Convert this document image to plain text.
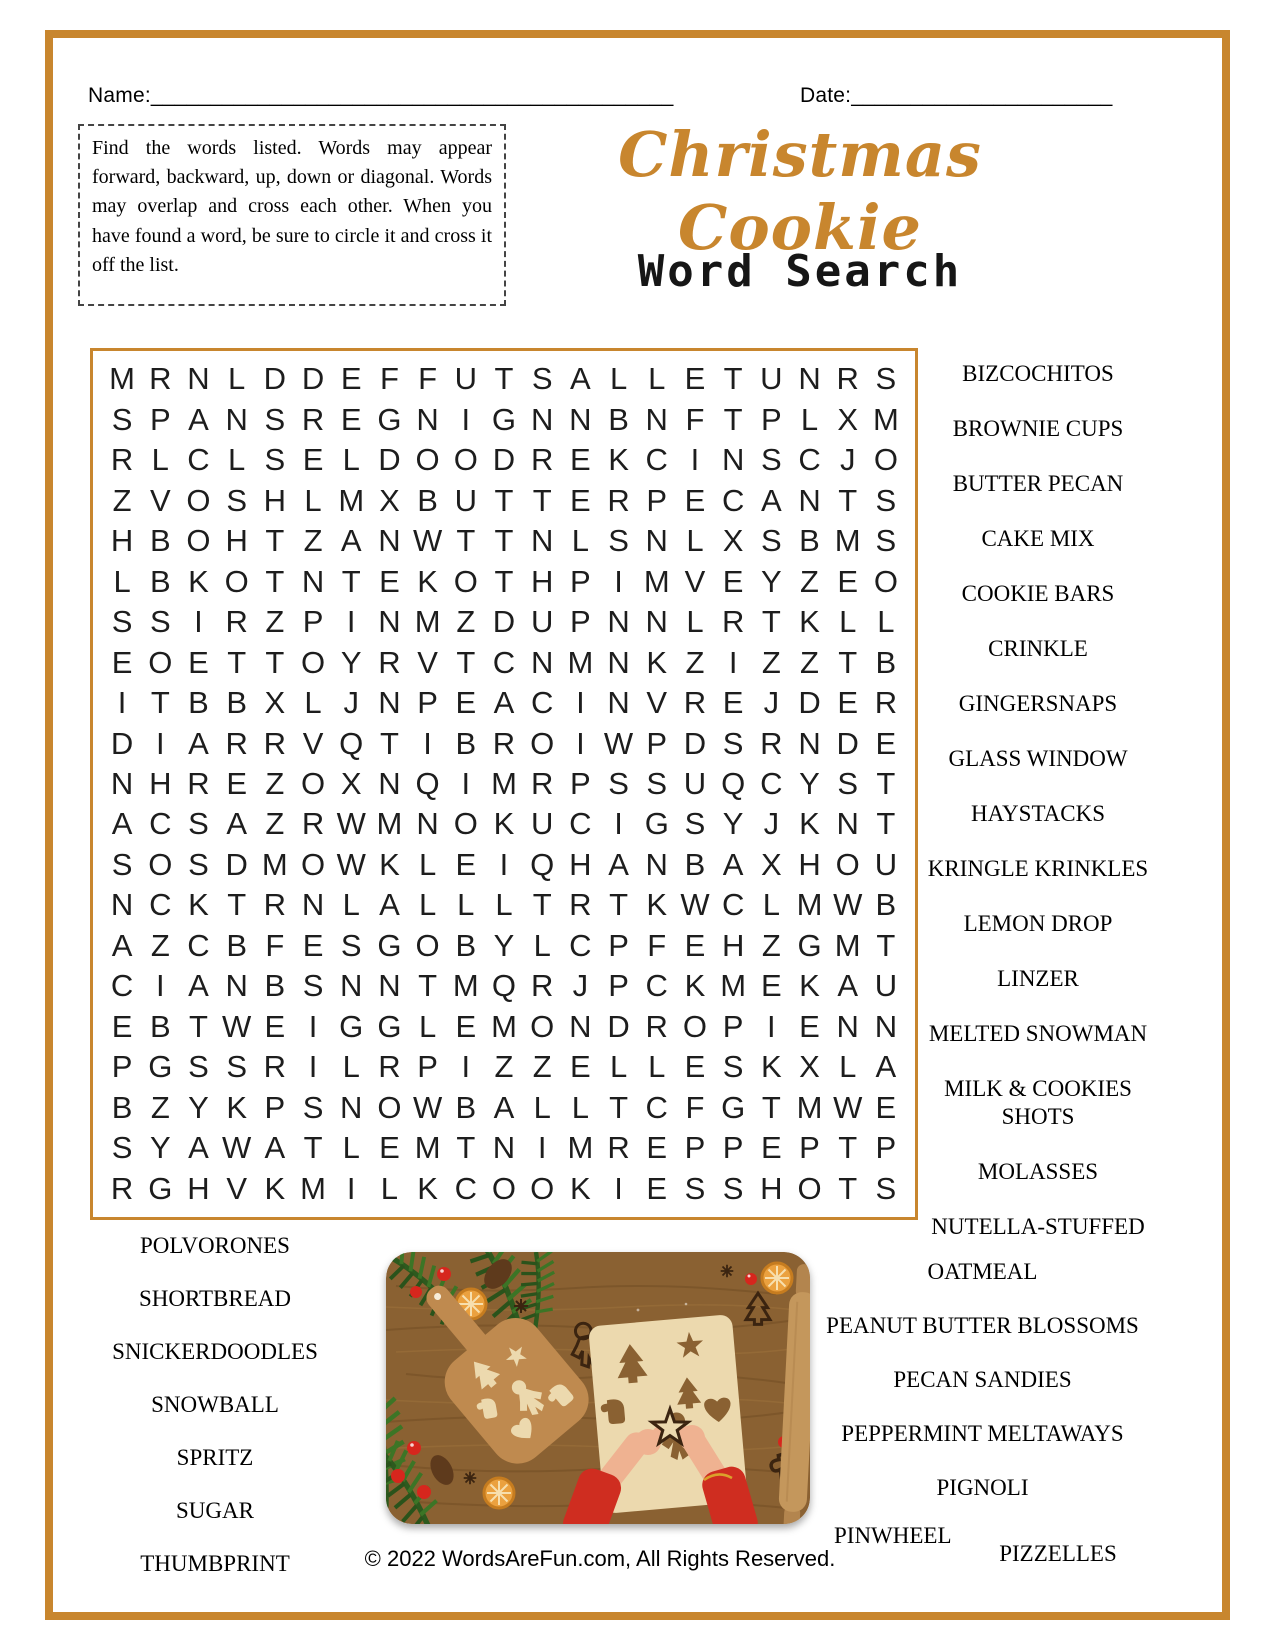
Name:____________________________________________	Date:______________________

Find the words listed. Words may appear forward, backward, up, down or diagonal. Words may overlap and cross each other. When you have found a word, be sure to circle it and cross it off the list.

Christmas Cookie
Word Search
M R N L D D E F F U T S A L L E T U N R S
S P A N S R E G N I G N N B N F T P L X M
R L C L S E L D O O D R E K C I N S C J O
Z V O S H L M X B U T T E R P E C A N T S
H B O H T Z A N W T T N L S N L X S B M S
L B K O T N T E K O T H P I M V E Y Z E O
S S I R Z P I N M Z D U P N N L R T K L L
E O E T T O Y R V T C N M N K Z I Z Z T B
I T B B X L J N P E A C I N V R E J D E R
D I A R R V Q T I B R O I W P D S R N D E
N H R E Z O X N Q I M R P S S U Q C Y S T
A C S A Z R W M N O K U C I G S Y J K N T
S O S D M O W K L E I Q H A N B A X H O U
N C K T R N L A L L L T R T K W C L M W B
A Z C B F E S G O B Y L C P F E H Z G M T
C I A N B S N N T M Q R J P C K M E K A U
E B T W E I G G L E M O N D R O P I E N N
P G S S R I L R P I Z Z E L L E S K X L A
B Z Y K P S N O W B A L L T C F G T M W E
S Y A W A T L E M T N I M R E P P E P T P
R G H V K M I L K C O O K I E S S H O T S
BIZCOCHITOS
BROWNIE CUPS
BUTTER PECAN
CAKE MIX
COOKIE BARS
CRINKLE
GINGERSNAPS
GLASS WINDOW
HAYSTACKS
KRINGLE KRINKLES
LEMON DROP
LINZER
MELTED SNOWMAN
MILK & COOKIES SHOTS
MOLASSES
NUTELLA-STUFFED
OATMEAL
PEANUT BUTTER BLOSSOMS
PECAN SANDIES
PEPPERMINT MELTAWAYS
PIGNOLI
POLVORONES
SHORTBREAD
SNICKERDOODLES
SNOWBALL
SPRITZ
SUGAR
THUMBPRINT
PINWHEEL
PIZZELLES
© 2022 WordsAreFun.com, All Rights Reserved.
